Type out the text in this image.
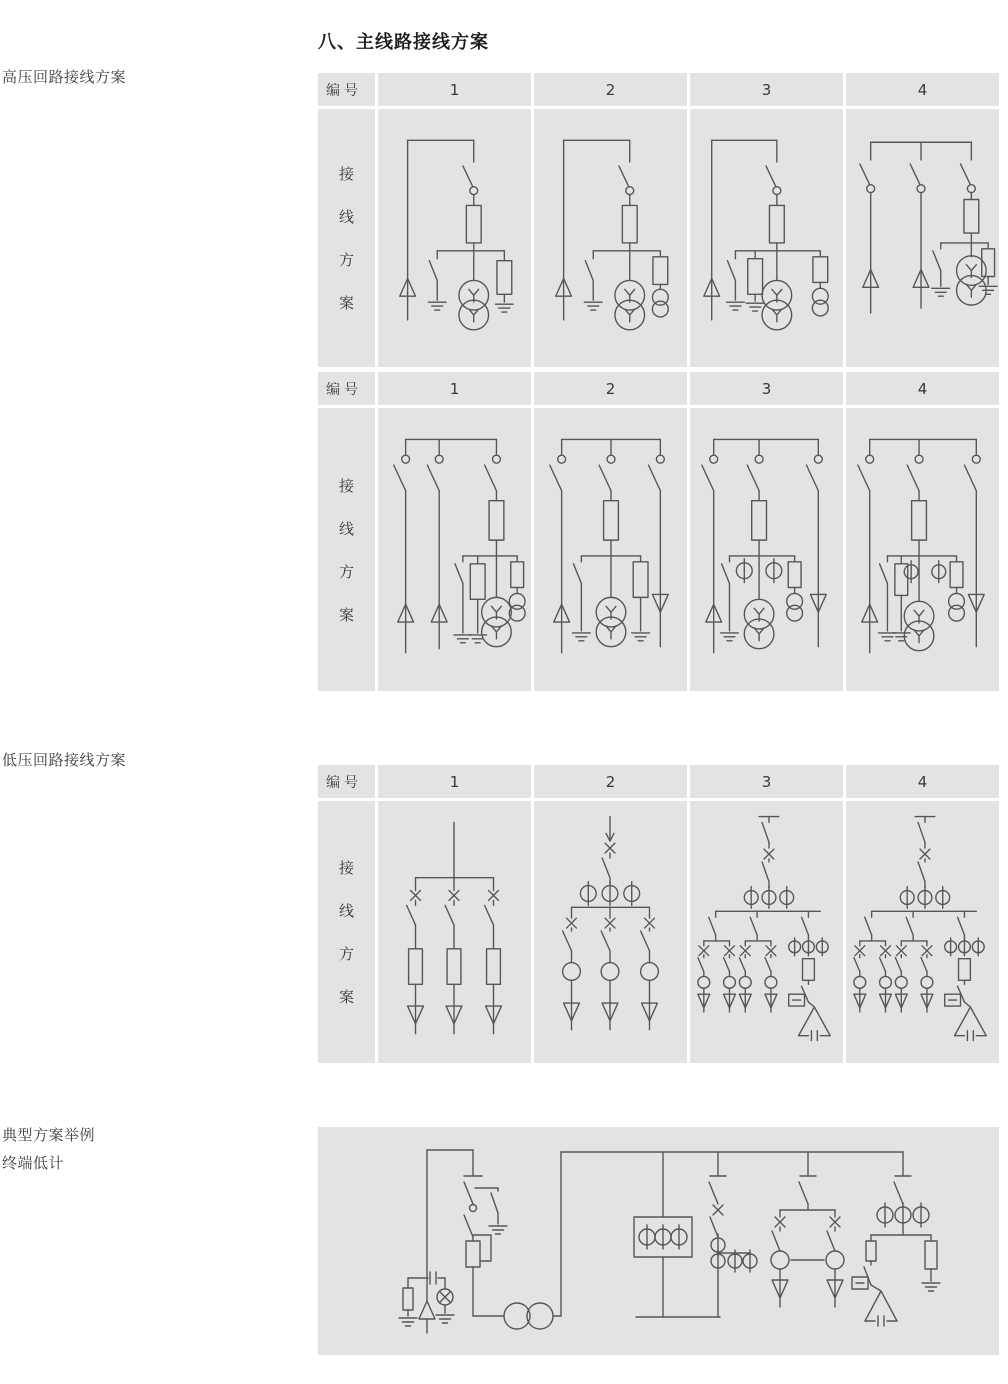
八、主线路接线方案
高压回路接线方案
低压回路接线方案
典型方案举例
终端低计
编号	1	2	3	4
接
线
方
案
编号	1	2	3	4
接
线
方
案
编号	1	2	3	4
接
线
方
案
